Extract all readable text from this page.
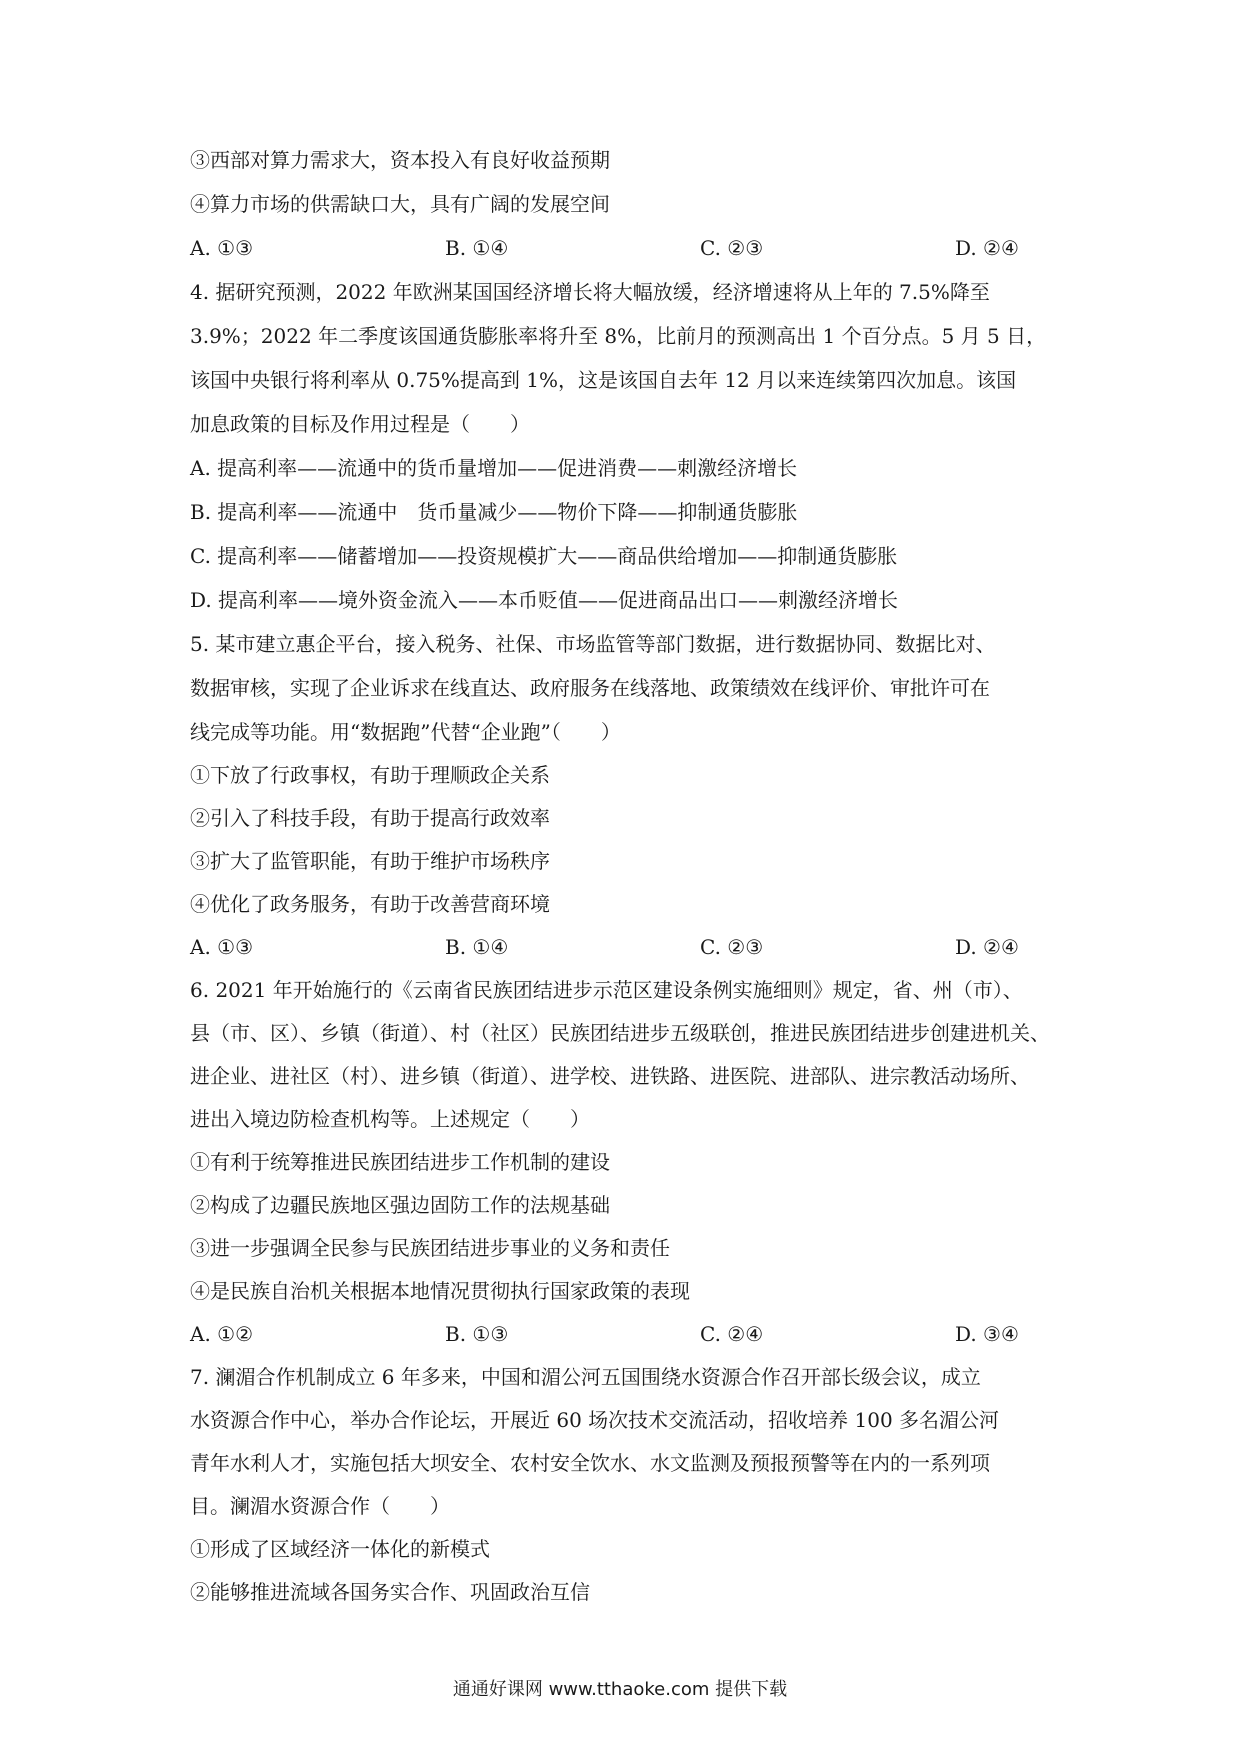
③西部对算力需求大，资本投入有良好收益预期
④算力市场的供需缺口大，具有广阔的发展空间
A. ①③	B. ①④	C. ②③	D. ②④
4. 据研究预测，2022 年欧洲某国国经济增长将大幅放缓，经济增速将从上年的 7.5%降至
3.9%；2022 年二季度该国通货膨胀率将升至 8%，比前月的预测高出 1 个百分点。5 月 5 日，
该国中央银行将利率从 0.75%提高到 1%，这是该国自去年 12 月以来连续第四次加息。该国
加息政策的目标及作用过程是（　　）
A. 提高利率——流通中的货币量增加——促进消费——刺激经济增长
B. 提高利率——流通中　货币量减少——物价下降——抑制通货膨胀
C. 提高利率——储蓄增加——投资规模扩大——商品供给增加——抑制通货膨胀
D. 提高利率——境外资金流入——本币贬值——促进商品出口——刺激经济增长
5. 某市建立惠企平台，接入税务、社保、市场监管等部门数据，进行数据协同、数据比对、
数据审核，实现了企业诉求在线直达、政府服务在线落地、政策绩效在线评价、审批许可在
线完成等功能。用“数据跑”代替“企业跑”（　　）
①下放了行政事权，有助于理顺政企关系
②引入了科技手段，有助于提高行政效率
③扩大了监管职能，有助于维护市场秩序
④优化了政务服务，有助于改善营商环境
A. ①③	B. ①④	C. ②③	D. ②④
6. 2021 年开始施行的《云南省民族团结进步示范区建设条例实施细则》规定，省、州（市）、
县（市、区）、乡镇（街道）、村（社区）民族团结进步五级联创，推进民族团结进步创建进机关、
进企业、进社区（村）、进乡镇（街道）、进学校、进铁路、进医院、进部队、进宗教活动场所、
进出入境边防检查机构等。上述规定（　　）
①有利于统筹推进民族团结进步工作机制的建设
②构成了边疆民族地区强边固防工作的法规基础
③进一步强调全民参与民族团结进步事业的义务和责任
④是民族自治机关根据本地情况贯彻执行国家政策的表现
A. ①②	B. ①③	C. ②④	D. ③④
7. 澜湄合作机制成立 6 年多来，中国和湄公河五国围绕水资源合作召开部长级会议，成立
水资源合作中心，举办合作论坛，开展近 60 场次技术交流活动，招收培养 100 多名湄公河
青年水利人才，实施包括大坝安全、农村安全饮水、水文监测及预报预警等在内的一系列项
目。澜湄水资源合作（　　）
①形成了区域经济一体化的新模式
②能够推进流域各国务实合作、巩固政治互信
通通好课网 www.tthaoke.com 提供下载
